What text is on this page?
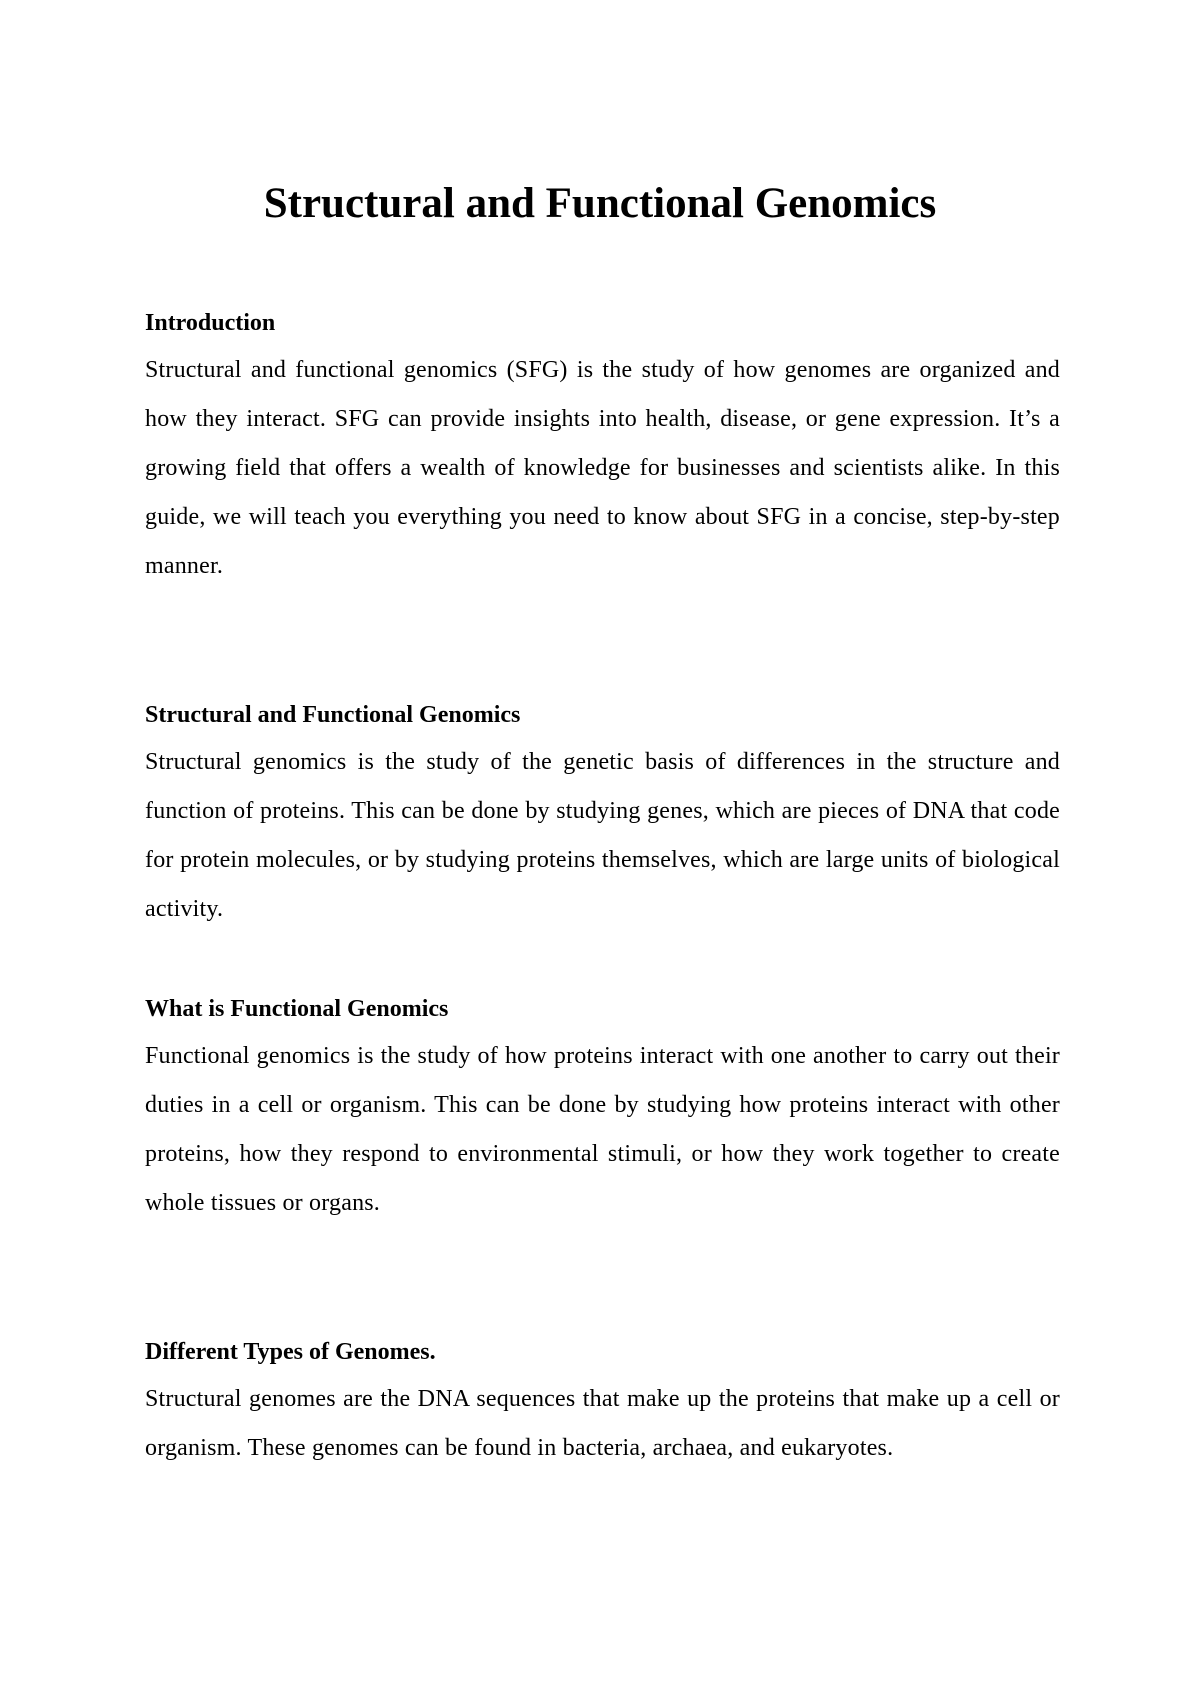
Structural and Functional Genomics
Introduction

Structural and functional genomics (SFG) is the study of how genomes are organized and how they interact. SFG can provide insights into health, disease, or gene expression. It’s a growing field that offers a wealth of knowledge for businesses and scientists alike. In this guide, we will teach you everything you need to know about SFG in a concise, step-by-step manner.

Structural and Functional Genomics

Structural genomics is the study of the genetic basis of differences in the structure and function of proteins. This can be done by studying genes, which are pieces of DNA that code for protein molecules, or by studying proteins themselves, which are large units of biological activity.

What is Functional Genomics

Functional genomics is the study of how proteins interact with one another to carry out their duties in a cell or organism. This can be done by studying how proteins interact with other proteins, how they respond to environmental stimuli, or how they work together to create whole tissues or organs.

Different Types of Genomes.

Structural genomes are the DNA sequences that make up the proteins that make up a cell or organism. These genomes can be found in bacteria, archaea, and eukaryotes.
